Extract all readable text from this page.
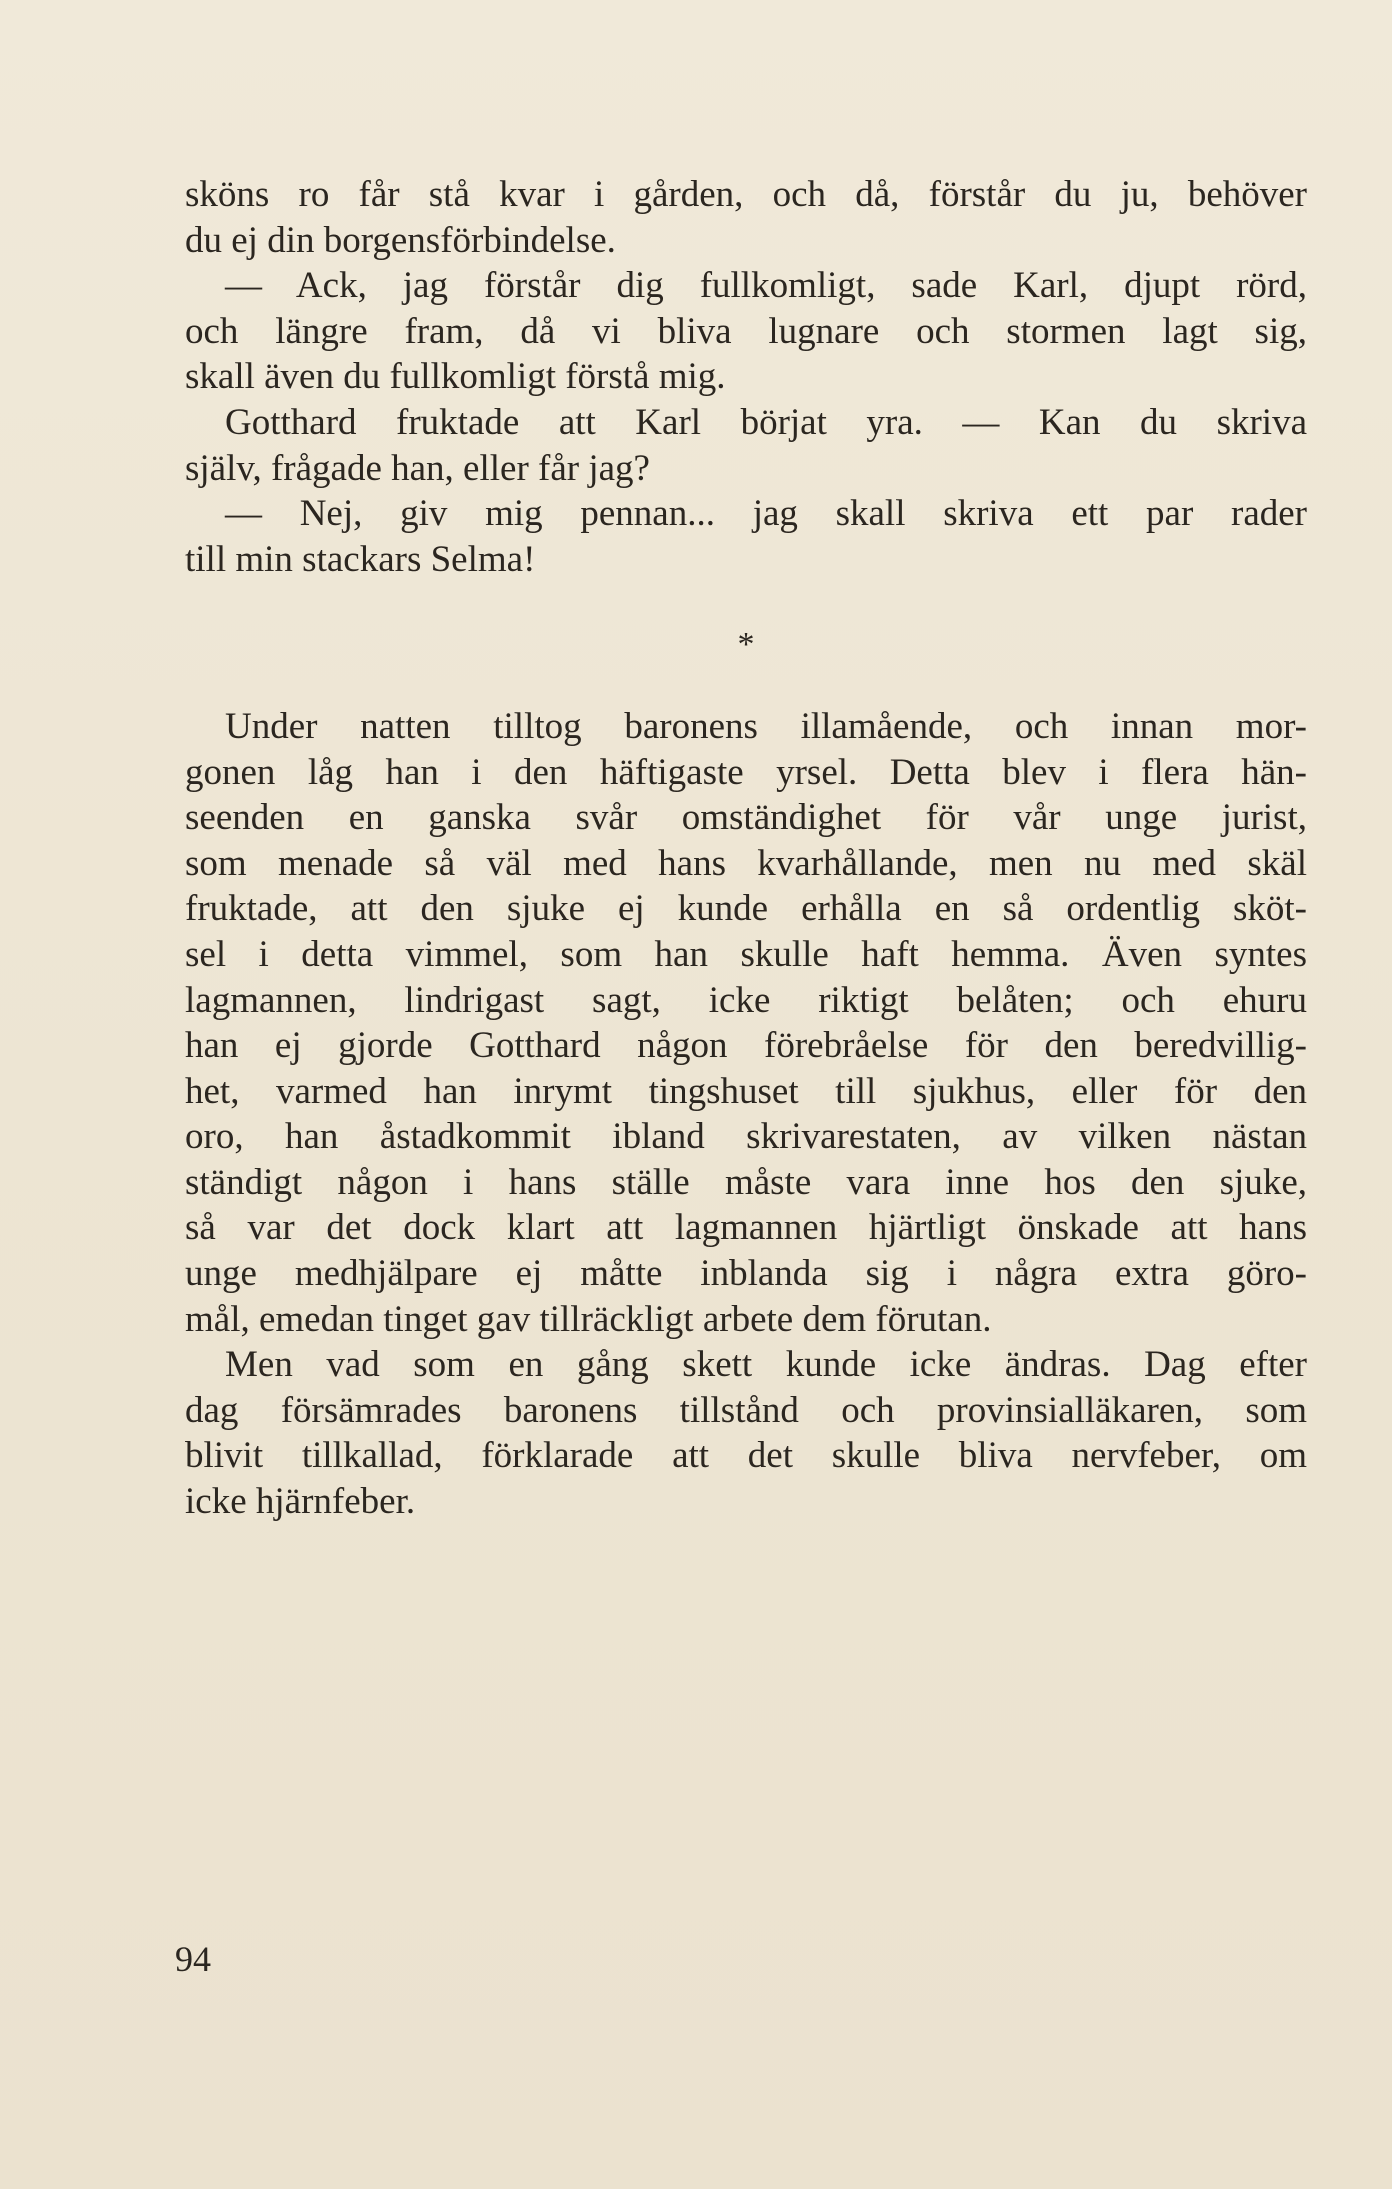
sköns ro får stå kvar i gården, och då, förstår du ju, behöver
du ej din borgensförbindelse.
— Ack, jag förstår dig fullkomligt, sade Karl, djupt rörd,
och längre fram, då vi bliva lugnare och stormen lagt sig,
skall även du fullkomligt förstå mig.
Gotthard fruktade att Karl börjat yra. — Kan du skriva
själv, frågade han, eller får jag?
— Nej, giv mig pennan... jag skall skriva ett par rader
till min stackars Selma!
*
Under natten tilltog baronens illamående, och innan mor-
gonen låg han i den häftigaste yrsel. Detta blev i flera hän-
seenden en ganska svår omständighet för vår unge jurist,
som menade så väl med hans kvarhållande, men nu med skäl
fruktade, att den sjuke ej kunde erhålla en så ordentlig sköt-
sel i detta vimmel, som han skulle haft hemma. Även syntes
lagmannen, lindrigast sagt, icke riktigt belåten; och ehuru
han ej gjorde Gotthard någon förebråelse för den beredvillig-
het, varmed han inrymt tingshuset till sjukhus, eller för den
oro, han åstadkommit ibland skrivarestaten, av vilken nästan
ständigt någon i hans ställe måste vara inne hos den sjuke,
så var det dock klart att lagmannen hjärtligt önskade att hans
unge medhjälpare ej måtte inblanda sig i några extra göro-
mål, emedan tinget gav tillräckligt arbete dem förutan.
Men vad som en gång skett kunde icke ändras. Dag efter
dag försämrades baronens tillstånd och provinsialläkaren, som
blivit tillkallad, förklarade att det skulle bliva nervfeber, om
icke hjärnfeber.
94
